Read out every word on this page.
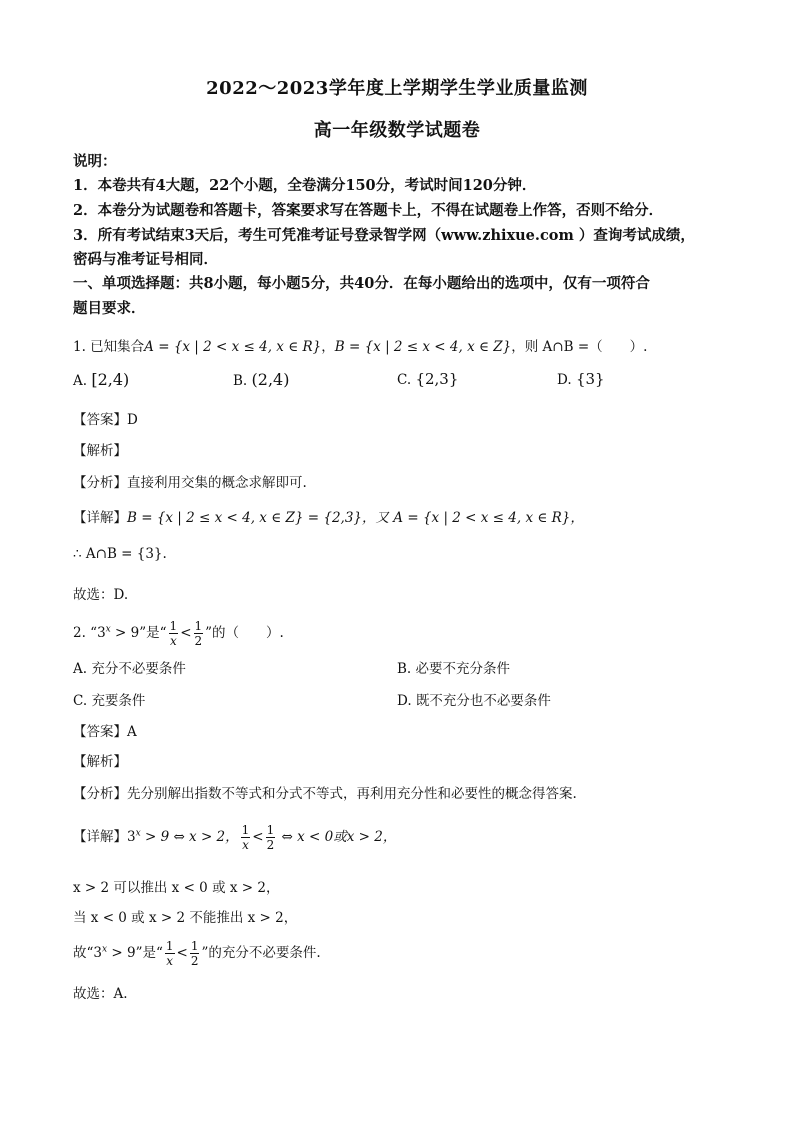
2022～2023学年度上学期学生学业质量监测
高一年级数学试题卷
说明：
1．本卷共有4大题，22个小题，全卷满分150分，考试时间120分钟．
2．本卷分为试题卷和答题卡，答案要求写在答题卡上，不得在试题卷上作答，否则不给分．
3．所有考试结束3天后，考生可凭准考证号登录智学网（www.zhixue.com ）查询考试成绩，
密码与准考证号相同．
一、单项选择题：共8小题，每小题5分，共40分．在每小题给出的选项中，仅有一项符合
题目要求．
1. 已知集合A = {x | 2 < x ≤ 4, x ∈ R}，B = {x | 2 ≤ x < 4, x ∈ Z}，则 A∩B =（　　）.
A. [2,4)	B. (2,4)	C. {2,3}	D. {3}
【答案】D
【解析】
【分析】直接利用交集的概念求解即可.
【详解】B = {x | 2 ≤ x < 4, x ∈ Z} = {2,3}，又 A = {x | 2 < x ≤ 4, x ∈ R}，
∴ A∩B = {3}.
故选：D.
2. “$3^x > 9$”是“ $\frac{1}{x} < \frac{1}{2}$ ”的（　　）.
A. 充分不必要条件	B. 必要不充分条件
C. 充要条件	D. 既不充分也不必要条件
【答案】A
【解析】
【分析】先分别解出指数不等式和分式不等式，再利用充分性和必要性的概念得答案.
【详解】$3^x > 9$ ⇔ x > 2， $\frac{1}{x} < \frac{1}{2}$ ⇔ x < 0或x > 2，
x > 2 可以推出 x < 0 或 x > 2，
当 x < 0 或 x > 2 不能推出 x > 2，
故“$3^x > 9$”是“ $\frac{1}{x} < \frac{1}{2}$ ”的充分不必要条件.
故选：A.
